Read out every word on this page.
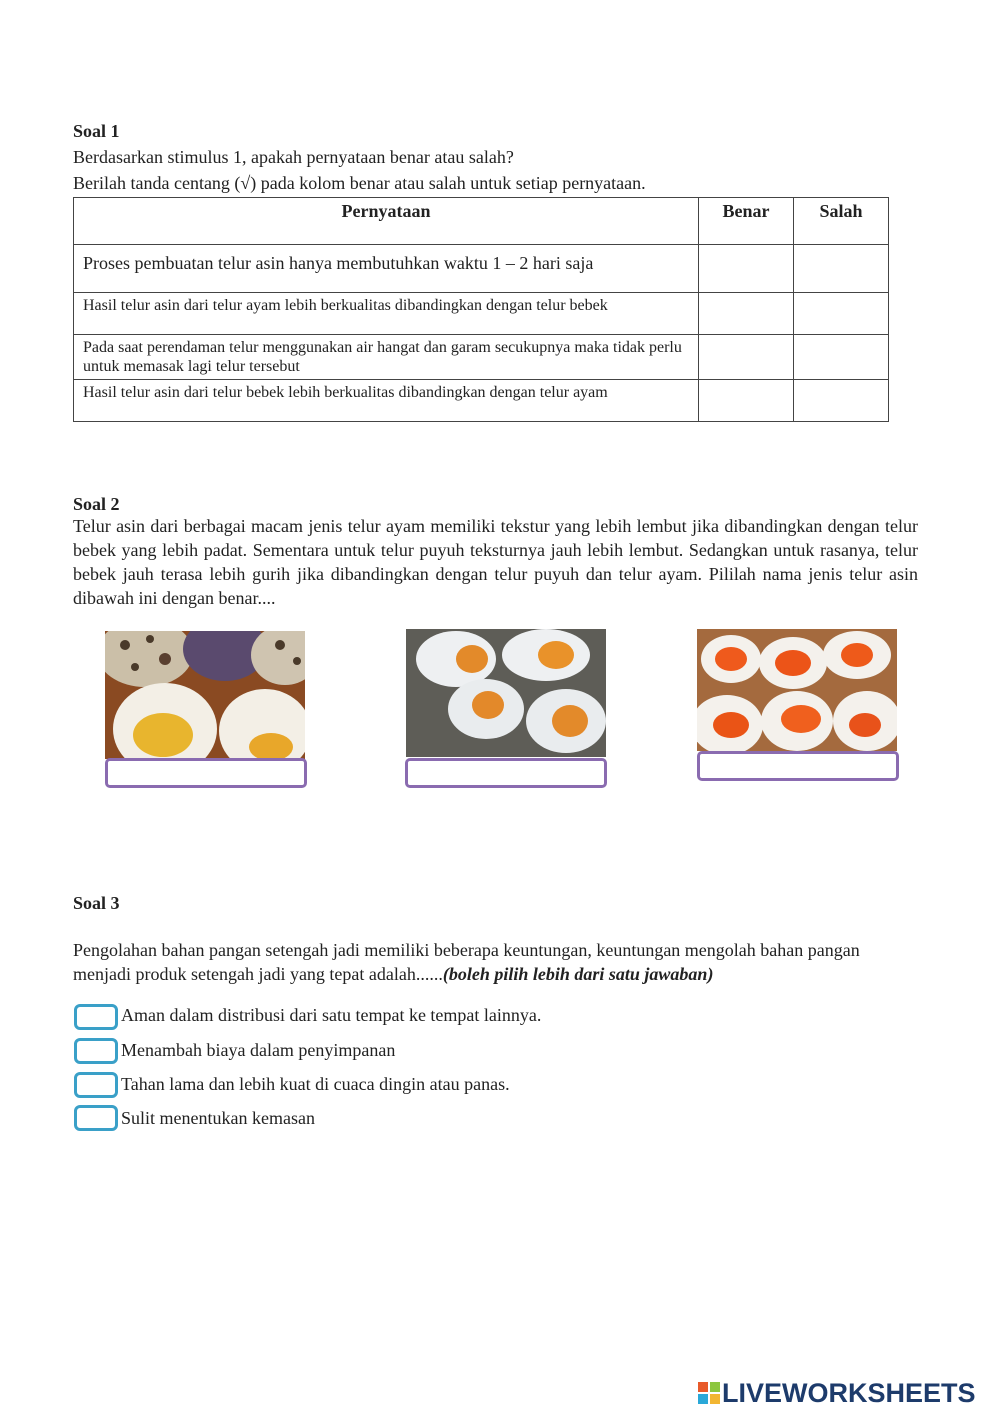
Soal 1
Berdasarkan stimulus 1, apakah pernyataan benar atau salah?
Berilah tanda centang (√) pada kolom benar atau salah untuk setiap pernyataan.
Pernyataan	Benar	Salah
Proses pembuatan telur asin hanya membutuhkan waktu 1 – 2 hari saja		
Hasil telur asin dari telur ayam lebih berkualitas dibandingkan dengan telur bebek		
Pada saat perendaman telur menggunakan air hangat dan garam secukupnya maka tidak perlu untuk memasak lagi telur tersebut		
Hasil telur asin dari telur bebek lebih berkualitas dibandingkan dengan telur ayam		
Soal 2
Telur asin dari berbagai macam jenis telur ayam memiliki tekstur yang lebih lembut jika dibandingkan dengan telur bebek yang lebih padat. Sementara untuk telur puyuh teksturnya jauh lebih lembut. Sedangkan untuk rasanya, telur bebek jauh terasa lebih gurih jika dibandingkan dengan telur puyuh dan telur ayam. Pililah nama jenis telur asin dibawah ini dengan benar....
Soal 3
Pengolahan bahan pangan setengah jadi memiliki beberapa keuntungan, keuntungan mengolah bahan pangan menjadi produk setengah jadi yang tepat adalah......(boleh pilih lebih dari satu jawaban)
Aman dalam distribusi dari satu tempat ke tempat lainnya.
Menambah biaya dalam penyimpanan
Tahan lama dan lebih kuat di cuaca dingin atau panas.
Sulit menentukan kemasan
LIVEWORKSHEETS
